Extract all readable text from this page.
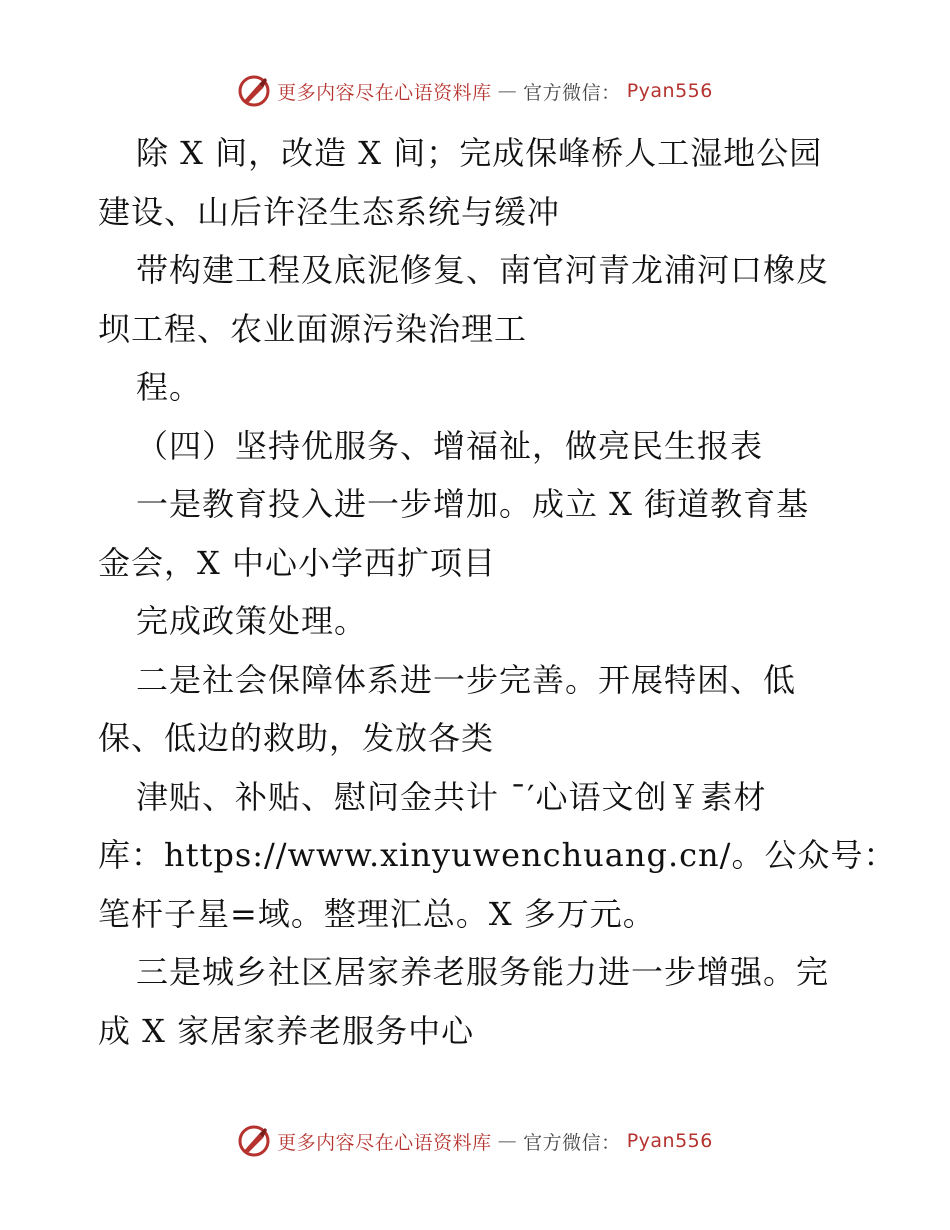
更多内容尽在心语资料库 — 官方微信： Pyan556
除 X 间，改造 X 间；完成保峰桥人工湿地公园
建设、山后许泾生态系统与缓冲
带构建工程及底泥修复、南官河青龙浦河口橡皮
坝工程、农业面源污染治理工
程。
（四）坚持优服务、增福祉，做亮民生报表
一是教育投入进一步增加。成立 X 街道教育基
金会，X 中心小学西扩项目
完成政策处理。
二是社会保障体系进一步完善。开展特困、低
保、低边的救助，发放各类
津贴、补贴、慰问金共计 ¯′心语文创￥素材
库：https://www.xinyuwenchuang.cn/。公众号：
笔杆子星=域。整理汇总。X 多万元。
三是城乡社区居家养老服务能力进一步增强。完
成 X 家居家养老服务中心
更多内容尽在心语资料库 — 官方微信： Pyan556
